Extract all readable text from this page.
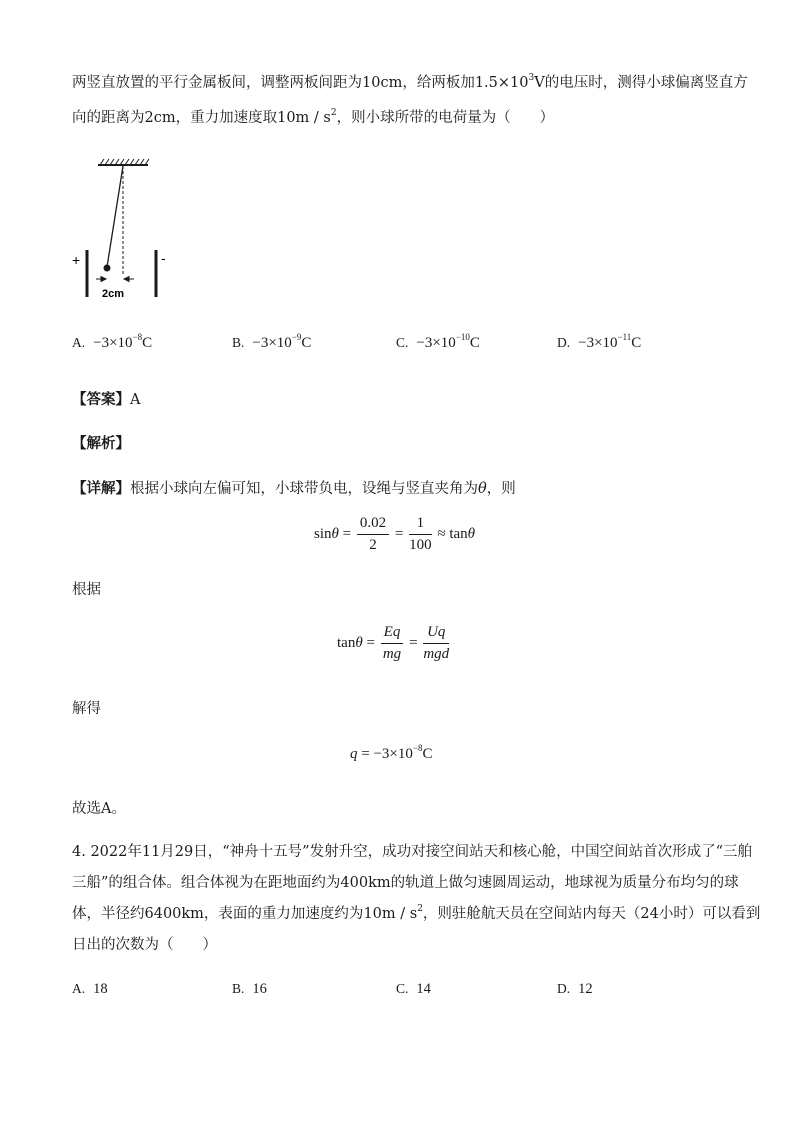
两竖直放置的平行金属板间，调整两板间距为10cm，给两板加$1.5\times 10^3V$的电压时，测得小球偏离竖直方
向的距离为2cm，重力加速度取$10m / s^2$，则小球所带的电荷量为（　　）
+	-
2cm
A. $-3\times 10^{-8}C$	B. $-3\times 10^{-9}C$	C. $-3\times 10^{-10}C$	D. $-3\times 10^{-11}C$
【答案】A
【解析】
【详解】根据小球向左偏可知，小球带负电，设绳与竖直夹角为θ，则
$\sin\theta = \frac{0.02}{2} = \frac{1}{100} \approx \tan\theta$
根据
$\tan\theta = \frac{Eq}{mg} = \frac{Uq}{\text{mgd}}$
解得
$q = -3\times 10^{-8}C$
故选A。
4. 2022年11月29日，“神舟十五号”发射升空，成功对接空间站天和核心舱，中国空间站首次形成了“三舶
三船”的组合体。组合体视为在距地面约为400km的轨道上做匀速圆周运动，地球视为质量分布均匀的球
体，半径约6400km，表面的重力加速度约为$10m / s^2$，则驻舱航天员在空间站内每天（24小时）可以看到
日出的次数为（　　）
A. 18	B. 16	C. 14	D. 12
